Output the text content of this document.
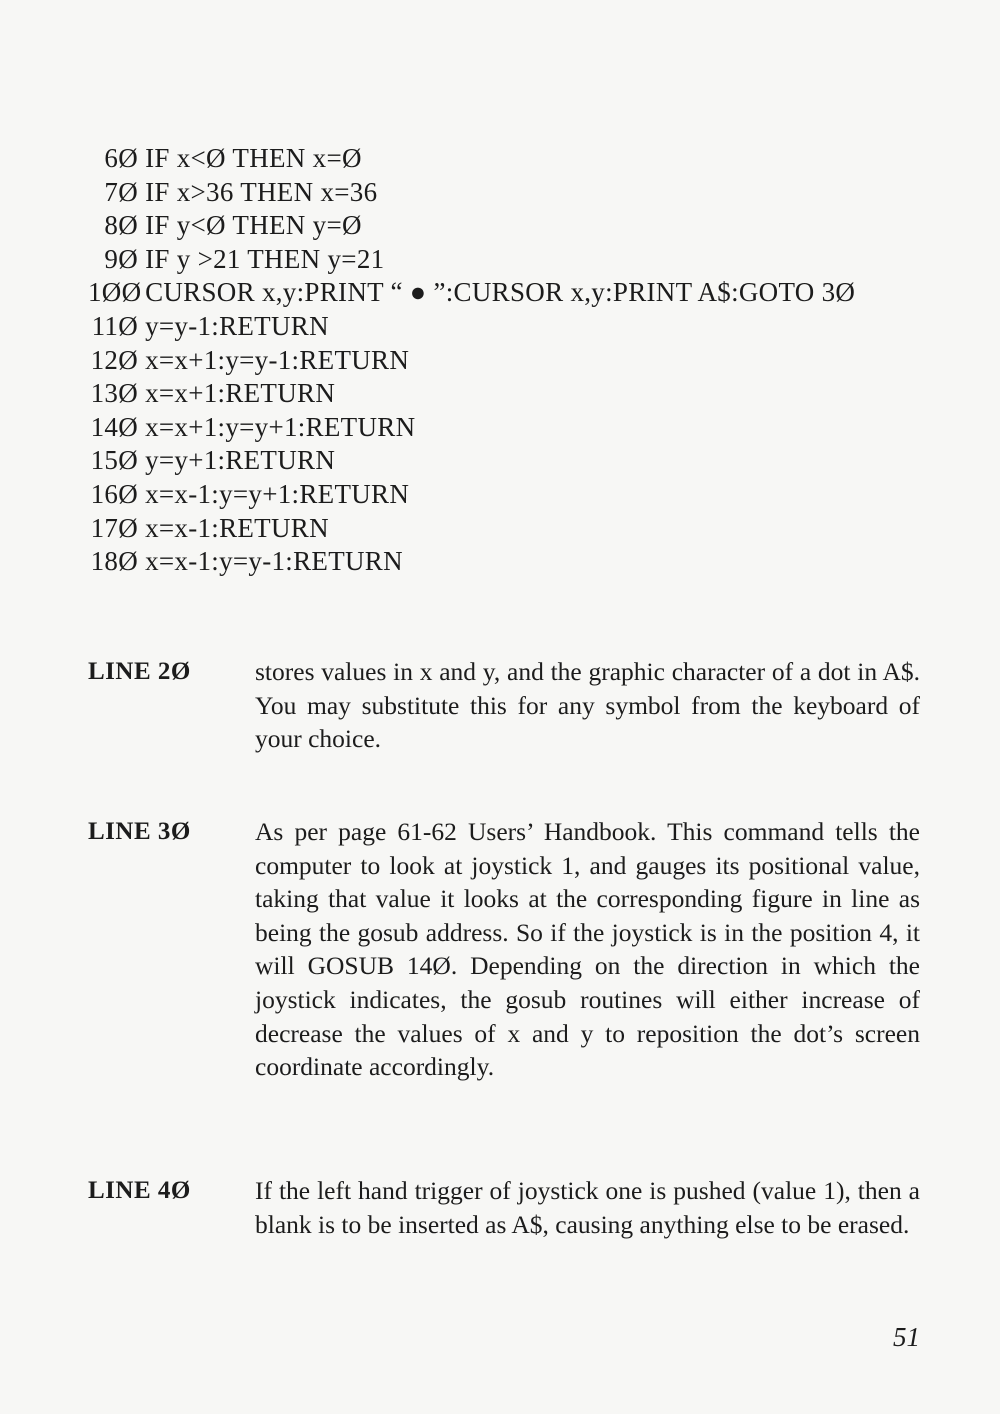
6Ø IF x<Ø THEN x=Ø
7Ø IF x>36 THEN x=36
8Ø IF y<Ø THEN y=Ø
9Ø IF y >21 THEN y=21
1ØØ CURSOR x,y:PRINT “ ● ”:CURSOR x,y:PRINT A$:GOTO 3Ø
11Ø y=y-1:RETURN
12Ø x=x+1:y=y-1:RETURN
13Ø x=x+1:RETURN
14Ø x=x+1:y=y+1:RETURN
15Ø y=y+1:RETURN
16Ø x=x-1:y=y+1:RETURN
17Ø x=x-1:RETURN
18Ø x=x-1:y=y-1:RETURN
LINE 2Ø	stores values in x and y, and the graphic character of a dot in A$. You may substitute this for any symbol from the keyboard of your choice.
LINE 3Ø	As per page 61-62 Users’ Handbook. This command tells the computer to look at joystick 1, and gauges its positional value, taking that value it looks at the corresponding figure in line as being the gosub address. So if the joystick is in the position 4, it will GOSUB 14Ø. Depending on the direction in which the joystick indicates, the gosub routines will either increase of decrease the values of x and y to reposition the dot’s screen coordinate accordingly.
LINE 4Ø	If the left hand trigger of joystick one is pushed (value 1), then a blank is to be inserted as A$, causing anything else to be erased.
51
